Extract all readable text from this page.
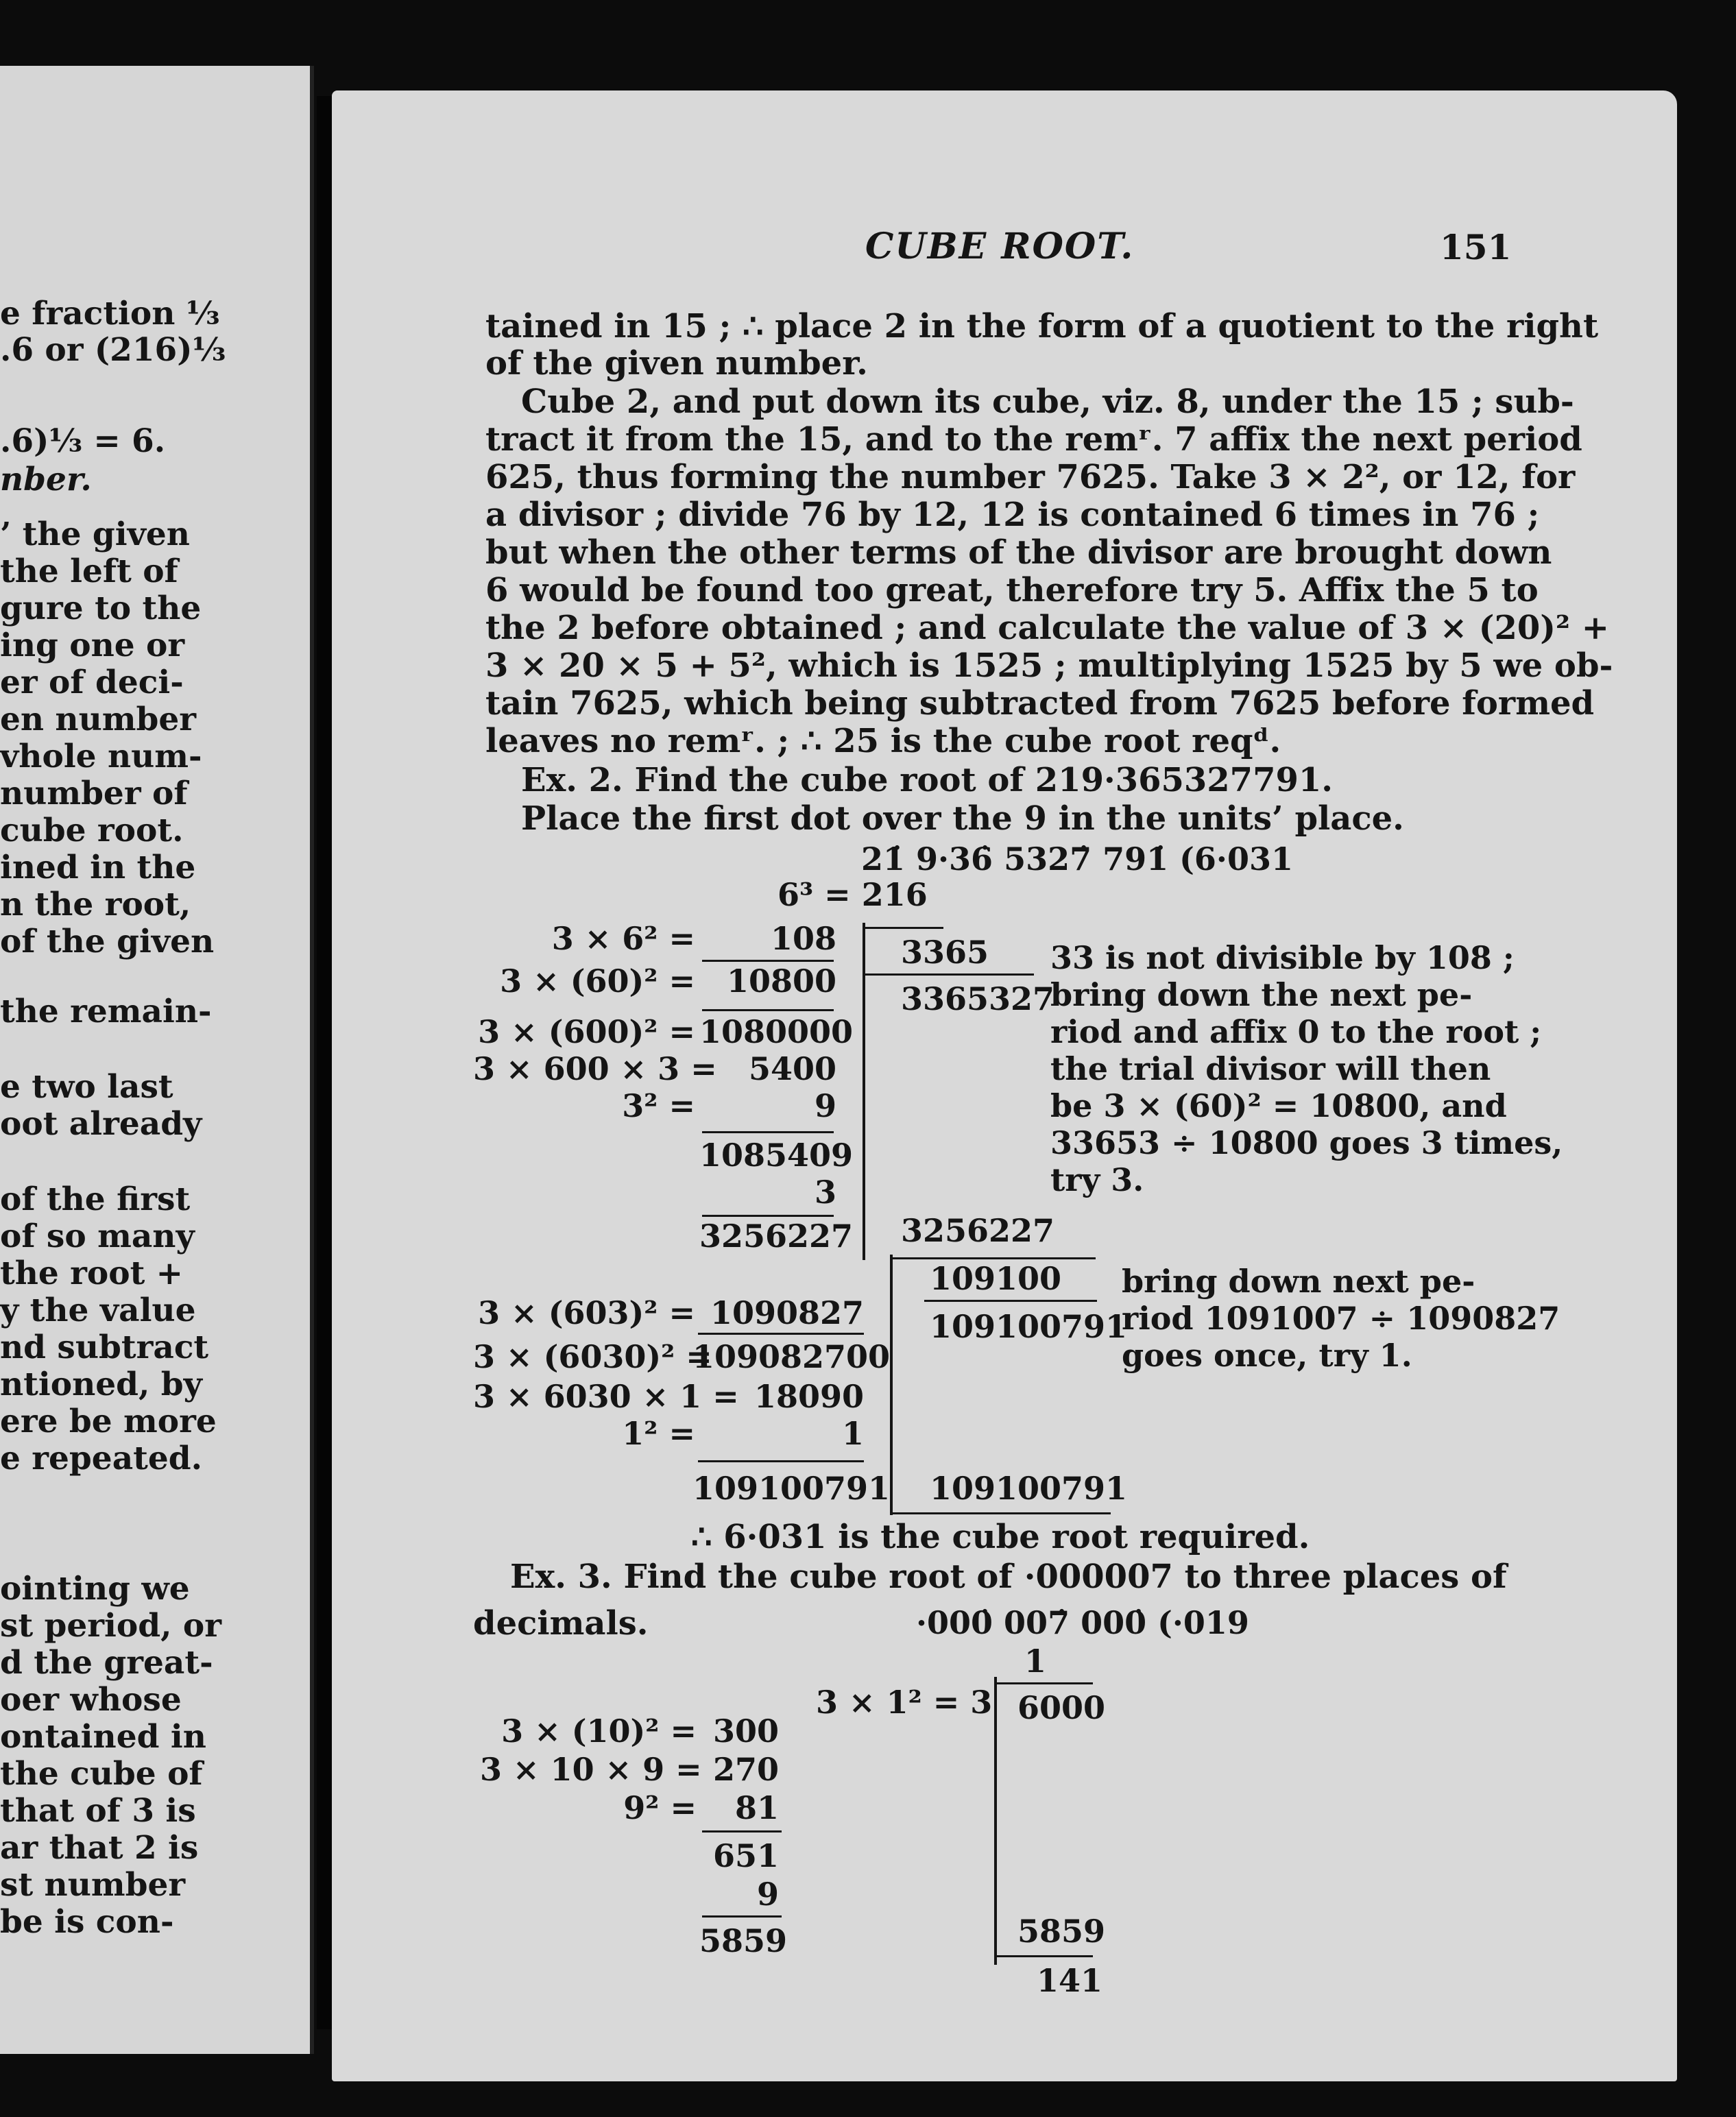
e fraction ⅓
.6 or (216)⅓
.6)⅓ = 6.
nber.
’ the given
the left of
gure to the
ing one or
er of deci-
en number
vhole num-
number of
cube root.
ined in the
n the root,
of the given
the remain-
e two last
oot already
of the first
of so many
the root +
y the value
nd subtract
ntioned, by
ere be more
e repeated.
ointing we
st period, or
d the great-
oer whose
ontained in
the cube of
that of 3 is
ar that 2 is
st number
be is con-
CUBE ROOT.	151
tained in 15 ; ∴ place 2 in the form of a quotient to the right
of the given number.
Cube 2, and put down its cube, viz. 8, under the 15 ; sub-
tract it from the 15, and to the remʳ. 7 affix the next period
625, thus forming the number 7625. Take 3 × 2², or 12, for
a divisor ; divide 76 by 12, 12 is contained 6 times in 76 ;
but when the other terms of the divisor are brought down
6 would be found too great, therefore try 5. Affix the 5 to
the 2 before obtained ; and calculate the value of 3 × (20)² +
3 × 20 × 5 + 5², which is 1525 ; multiplying 1525 by 5 we ob-
tain 7625, which being subtracted from 7625 before formed
leaves no remʳ. ; ∴ 25 is the cube root reqᵈ.
Ex. 2. Find the cube root of 219·365327791.
Place the first dot over the 9 in the units’ place.
21̇ 9·36̇ 5327̇ 791̇ (6·031
6³ = 216
3 × 6² =
3 × (60)² =
3 × (600)² =
3 × 600 × 3 =
3² =
108
10800
1080000
5400
9
1085409
3
3256227
3365
3365327
3256227
33 is not divisible by 108 ;
bring down the next pe-
riod and affix 0 to the root ;
the trial divisor will then
be 3 × (60)² = 10800, and
33653 ÷ 10800 goes 3 times,
try 3.
109100
109100791
109100791
3 × (603)² =
3 × (6030)² =
3 × 6030 × 1 =
1² =
1090827
109082700
18090
1
109100791
bring down next pe-
riod 1091007 ÷ 1090827
goes once, try 1.
∴ 6·031 is the cube root required.
Ex. 3. Find the cube root of ·000007 to three places of
decimals.	·000̇ 007̇ 000̇ (·019
1
3 × 1² = 3 6000
5859
141
3 × (10)² =
3 × 10 × 9 =
9² =
300
270
81
651
9
5859
